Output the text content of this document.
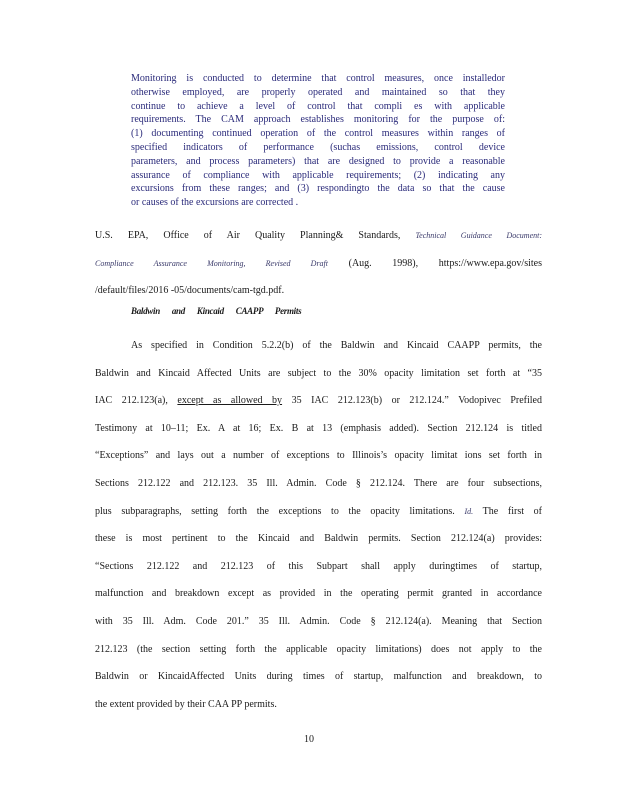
Monitoring is conducted to determine that control measures, once installedor
otherwise employed, are properly operated and maintained so that they
continue to achieve a level of control that compli es with applicable
requirements. The CAM approach establishes monitoring for the purpose of:
(1) documenting continued operation of the control measures within ranges of
specified indicators of performance (suchas emissions, control device
parameters, and process parameters) that are designed to provide a reasonable
assurance of compliance with applicable requirements; (2) indicating any
excursions from these ranges; and (3) respondingto the data so that the cause
or causes of the excursions are corrected .
U.S. EPA, Office of Air Quality Planning& Standards, Technical Guidance Document:
Compliance Assurance Monitoring, Revised Draft (Aug. 1998), https://www.epa.gov/sites
/default/files/2016 -05/documents/cam-tgd.pdf.
Baldwin and Kincaid CAAPP Permits
As specified in Condition 5.2.2(b) of the Baldwin and Kincaid CAAPP permits, the
Baldwin and Kincaid Affected Units are subject to the 30% opacity limitation set forth at “35
IAC 212.123(a), except as allowed by 35 IAC 212.123(b) or 212.124.” Vodopivec Prefiled
Testimony at 10–11; Ex. A at 16; Ex. B at 13 (emphasis added). Section 212.124 is titled
“Exceptions” and lays out a number of exceptions to Illinois’s opacity limitat ions set forth in
Sections 212.122 and 212.123. 35 Ill. Admin. Code § 212.124. There are four subsections,
plus subparagraphs, setting forth the exceptions to the opacity limitations. Id. The first of
these is most pertinent to the Kincaid and Baldwin permits. Section 212.124(a) provides:
“Sections 212.122 and 212.123 of this Subpart shall apply duringtimes of startup,
malfunction and breakdown except as provided in the operating permit granted in accordance
with 35 Ill. Adm. Code 201.” 35 Ill. Admin. Code § 212.124(a). Meaning that Section
212.123 (the section setting forth the applicable opacity limitations) does not apply to the
Baldwin or KincaidAffected Units during times of startup, malfunction and breakdown, to
the extent provided by their CAA PP permits.
10
